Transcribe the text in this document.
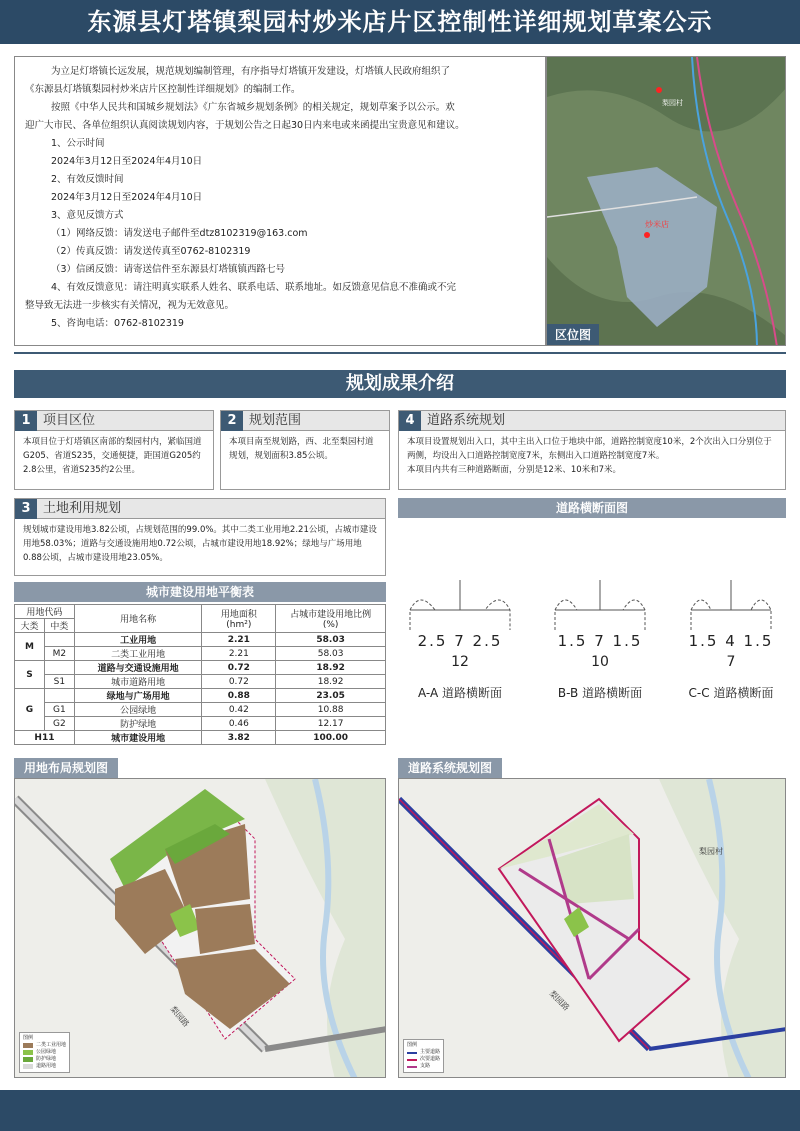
东源县灯塔镇梨园村炒米店片区控制性详细规划草案公示

为立足灯塔镇长远发展，规范规划编制管理，有序指导灯塔镇开发建设，灯塔镇人民政府组织了

《东源县灯塔镇梨园村炒米店片区控制性详细规划》的编制工作。

按照《中华人民共和国城乡规划法》《广东省城乡规划条例》的相关规定，规划草案予以公示。欢

迎广大市民、各单位组织认真阅读规划内容，于规划公告之日起30日内来电或来函提出宝贵意见和建议。

1、公示时间

2024年3月12日至2024年4月10日

2、有效反馈时间

2024年3月12日至2024年4月10日

3、意见反馈方式

（1）网络反馈：请发送电子邮件至dtz8102319@163.com

（2）传真反馈：请发送传真至0762-8102319

（3）信函反馈：请寄送信件至东源县灯塔镇镇西路七号

4、有效反馈意见：请注明真实联系人姓名、联系电话、联系地址。如反馈意见信息不准确或不完

整导致无法进一步核实有关情况，视为无效意见。

5、咨询电话：0762-8102319

炒米店
梨园村
区位图
规划成果介绍
1 项目区位
本项目位于灯塔镇区南部的梨园村内，紧临国道G205、省道S235，交通便捷，距国道G205约2.8公里，省道S235约2公里。
2 规划范围
本项目南至规划路，西、北至梨园村道规划，规划面积3.85公顷。
4 道路系统规划

本项目设置规划出入口，其中主出入口位于地块中部，道路控制宽度10米，2个次出入口分别位于两侧，均设出入口道路控制宽度7米，东侧出入口道路控制宽度7米。

本项目内共有三种道路断面，分别是12米、10米和7米。

3 土地利用规划
规划城市建设用地3.82公顷，占规划范围的99.0%。其中二类工业用地2.21公顷，占城市建设用地58.03%；道路与交通设施用地0.72公顷，占城市建设用地18.92%；绿地与广场用地0.88公顷，占城市建设用地23.05%。
城市建设用地平衡表
用地代码		用地名称	用地面积
(hm²)	占城市建设用地比例
(%)
大类	中类			
M		工业用地	2.21	58.03
	M2	二类工业用地	2.21	58.03
S		道路与交通设施用地	0.72	18.92
	S1	城市道路用地	0.72	18.92
G		绿地与广场用地	0.88	23.05
	G1	公园绿地	0.42	10.88
	G2	防护绿地	0.46	12.17
H11		城市建设用地	3.82	100.00
道路横断面图
2.5 7 2.5
12
A-A 道路横断面
1.5 7 1.5
10
B-B 道路横断面
1.5 4 1.5
7
C-C 道路横断面
用地布局规划图
梨园路
图例
二类工业用地
公园绿地
防护绿地
道路用地
道路系统规划图
梨园村
梨园路
图例
主要道路
次要道路
支路
